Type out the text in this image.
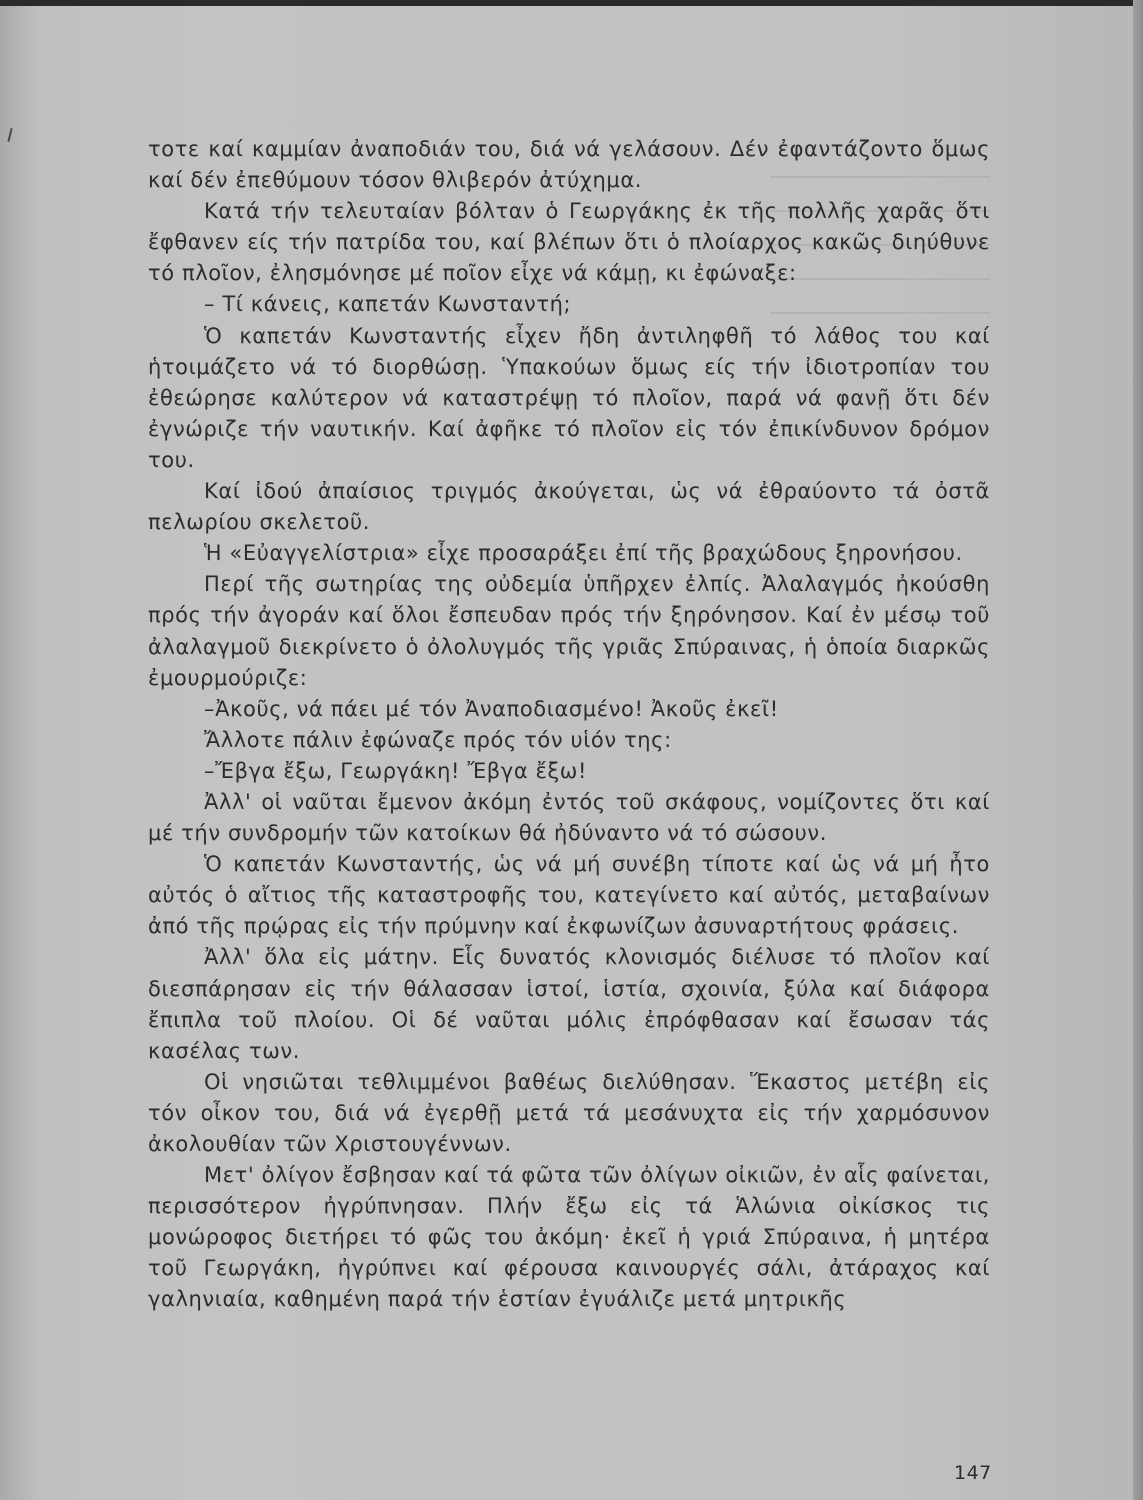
τοτε καί καμμίαν ἀναποδιάν του, διά νά γελάσουν. Δέν ἐφαντάζοντο ὅμως καί δέν ἐπεθύμουν τόσον θλιβερόν ἀτύχημα.

Κατά τήν τελευταίαν βόλταν ὁ Γεωργάκης ἐκ τῆς πολλῆς χαρᾶς ὅτι ἔφθανεν είς τήν πατρίδα του, καί βλέπων ὅτι ὁ πλοίαρχος κακῶς διηύθυνε τό πλοῖον, ἐλησμόνησε μέ ποῖον εἶχε νά κάμῃ, κι ἐφώναξε:

– Τί κάνεις, καπετάν Κωνσταντή;

Ὁ καπετάν Κωνσταντής εἶχεν ἤδη ἀντιληφθῆ τό λάθος του καί ἡτοιμάζετο νά τό διορθώσῃ. Ὑπακούων ὅμως είς τήν ἰδιοτροπίαν του ἐθεώρησε καλύτερον νά καταστρέψῃ τό πλοῖον, παρά νά φανῇ ὅτι δέν ἐγνώριζε τήν ναυτικήν. Καί ἀφῆκε τό πλοῖον εἰς τόν ἐπικίνδυνον δρόμον του.

Καί ἰδού ἀπαίσιος τριγμός ἀκούγεται, ὡς νά ἐθραύοντο τά ὀστᾶ πελωρίου σκελετοῦ.

Ἡ «Εὐαγγελίστρια» εἶχε προσαράξει ἐπί τῆς βραχώδους ξηρονήσου.

Περί τῆς σωτηρίας της οὐδεμία ὑπῆρχεν ἐλπίς. Ἀλαλαγμός ἠκούσθη πρός τήν ἀγοράν καί ὅλοι ἔσπευδαν πρός τήν ξηρόνησον. Καί ἐν μέσῳ τοῦ ἀλαλαγμοῦ διεκρίνετο ὁ ὀλολυγμός τῆς γριᾶς Σπύραινας, ἡ ὁποία διαρκῶς ἐμουρμούριζε:

–Ἀκοῦς, νά πάει μέ τόν Ἀναποδιασμένο! Ἀκοῦς ἐκεῖ!

Ἄλλοτε πάλιν ἐφώναζε πρός τόν υἱόν της:

–Ἔβγα ἔξω, Γεωργάκη! Ἔβγα ἔξω!

Ἀλλ' οἱ ναῦται ἔμενον ἀκόμη ἐντός τοῦ σκάφους, νομίζοντες ὅτι καί μέ τήν συνδρομήν τῶν κατοίκων θά ἠδύναντο νά τό σώσουν.

Ὁ καπετάν Κωνσταντής, ὡς νά μή συνέβη τίποτε καί ὡς νά μή ἦτο αὐτός ὁ αἴτιος τῆς καταστροφῆς του, κατεγίνετο καί αὐτός, μεταβαίνων ἀπό τῆς πρῴρας εἰς τήν πρύμνην καί ἐκφωνίζων ἀσυναρτήτους φράσεις.

Ἀλλ' ὅλα εἰς μάτην. Εἷς δυνατός κλονισμός διέλυσε τό πλοῖον καί διεσπάρησαν εἰς τήν θάλασσαν ἱστοί, ἱστία, σχοινία, ξύλα καί διάφορα ἔπιπλα τοῦ πλοίου. Οἱ δέ ναῦται μόλις ἐπρόφθασαν καί ἔσωσαν τάς κασέλας των.

Οἱ νησιῶται τεθλιμμένοι βαθέως διελύθησαν. Ἕκαστος μετέβη εἰς τόν οἶκον του, διά νά ἐγερθῇ μετά τά μεσάνυχτα εἰς τήν χαρμόσυνον ἀκολουθίαν τῶν Χριστουγέννων.

Μετ' ὀλίγον ἔσβησαν καί τά φῶτα τῶν ὀλίγων οἰκιῶν, ἐν αἷς φαίνεται, περισσότερον ἠγρύπνησαν. Πλήν ἔξω εἰς τά Ἁλώνια οἰκίσκος τις μονώροφος διετήρει τό φῶς του ἀκόμη· ἐκεῖ ἡ γριά Σπύραινα, ἡ μητέρα τοῦ Γεωργάκη, ἠγρύπνει καί φέρουσα καινουργές σάλι, ἀτάραχος καί γαληνιαία, καθημένη παρά τήν ἑστίαν ἐγυάλιζε μετά μητρικῆς

147
